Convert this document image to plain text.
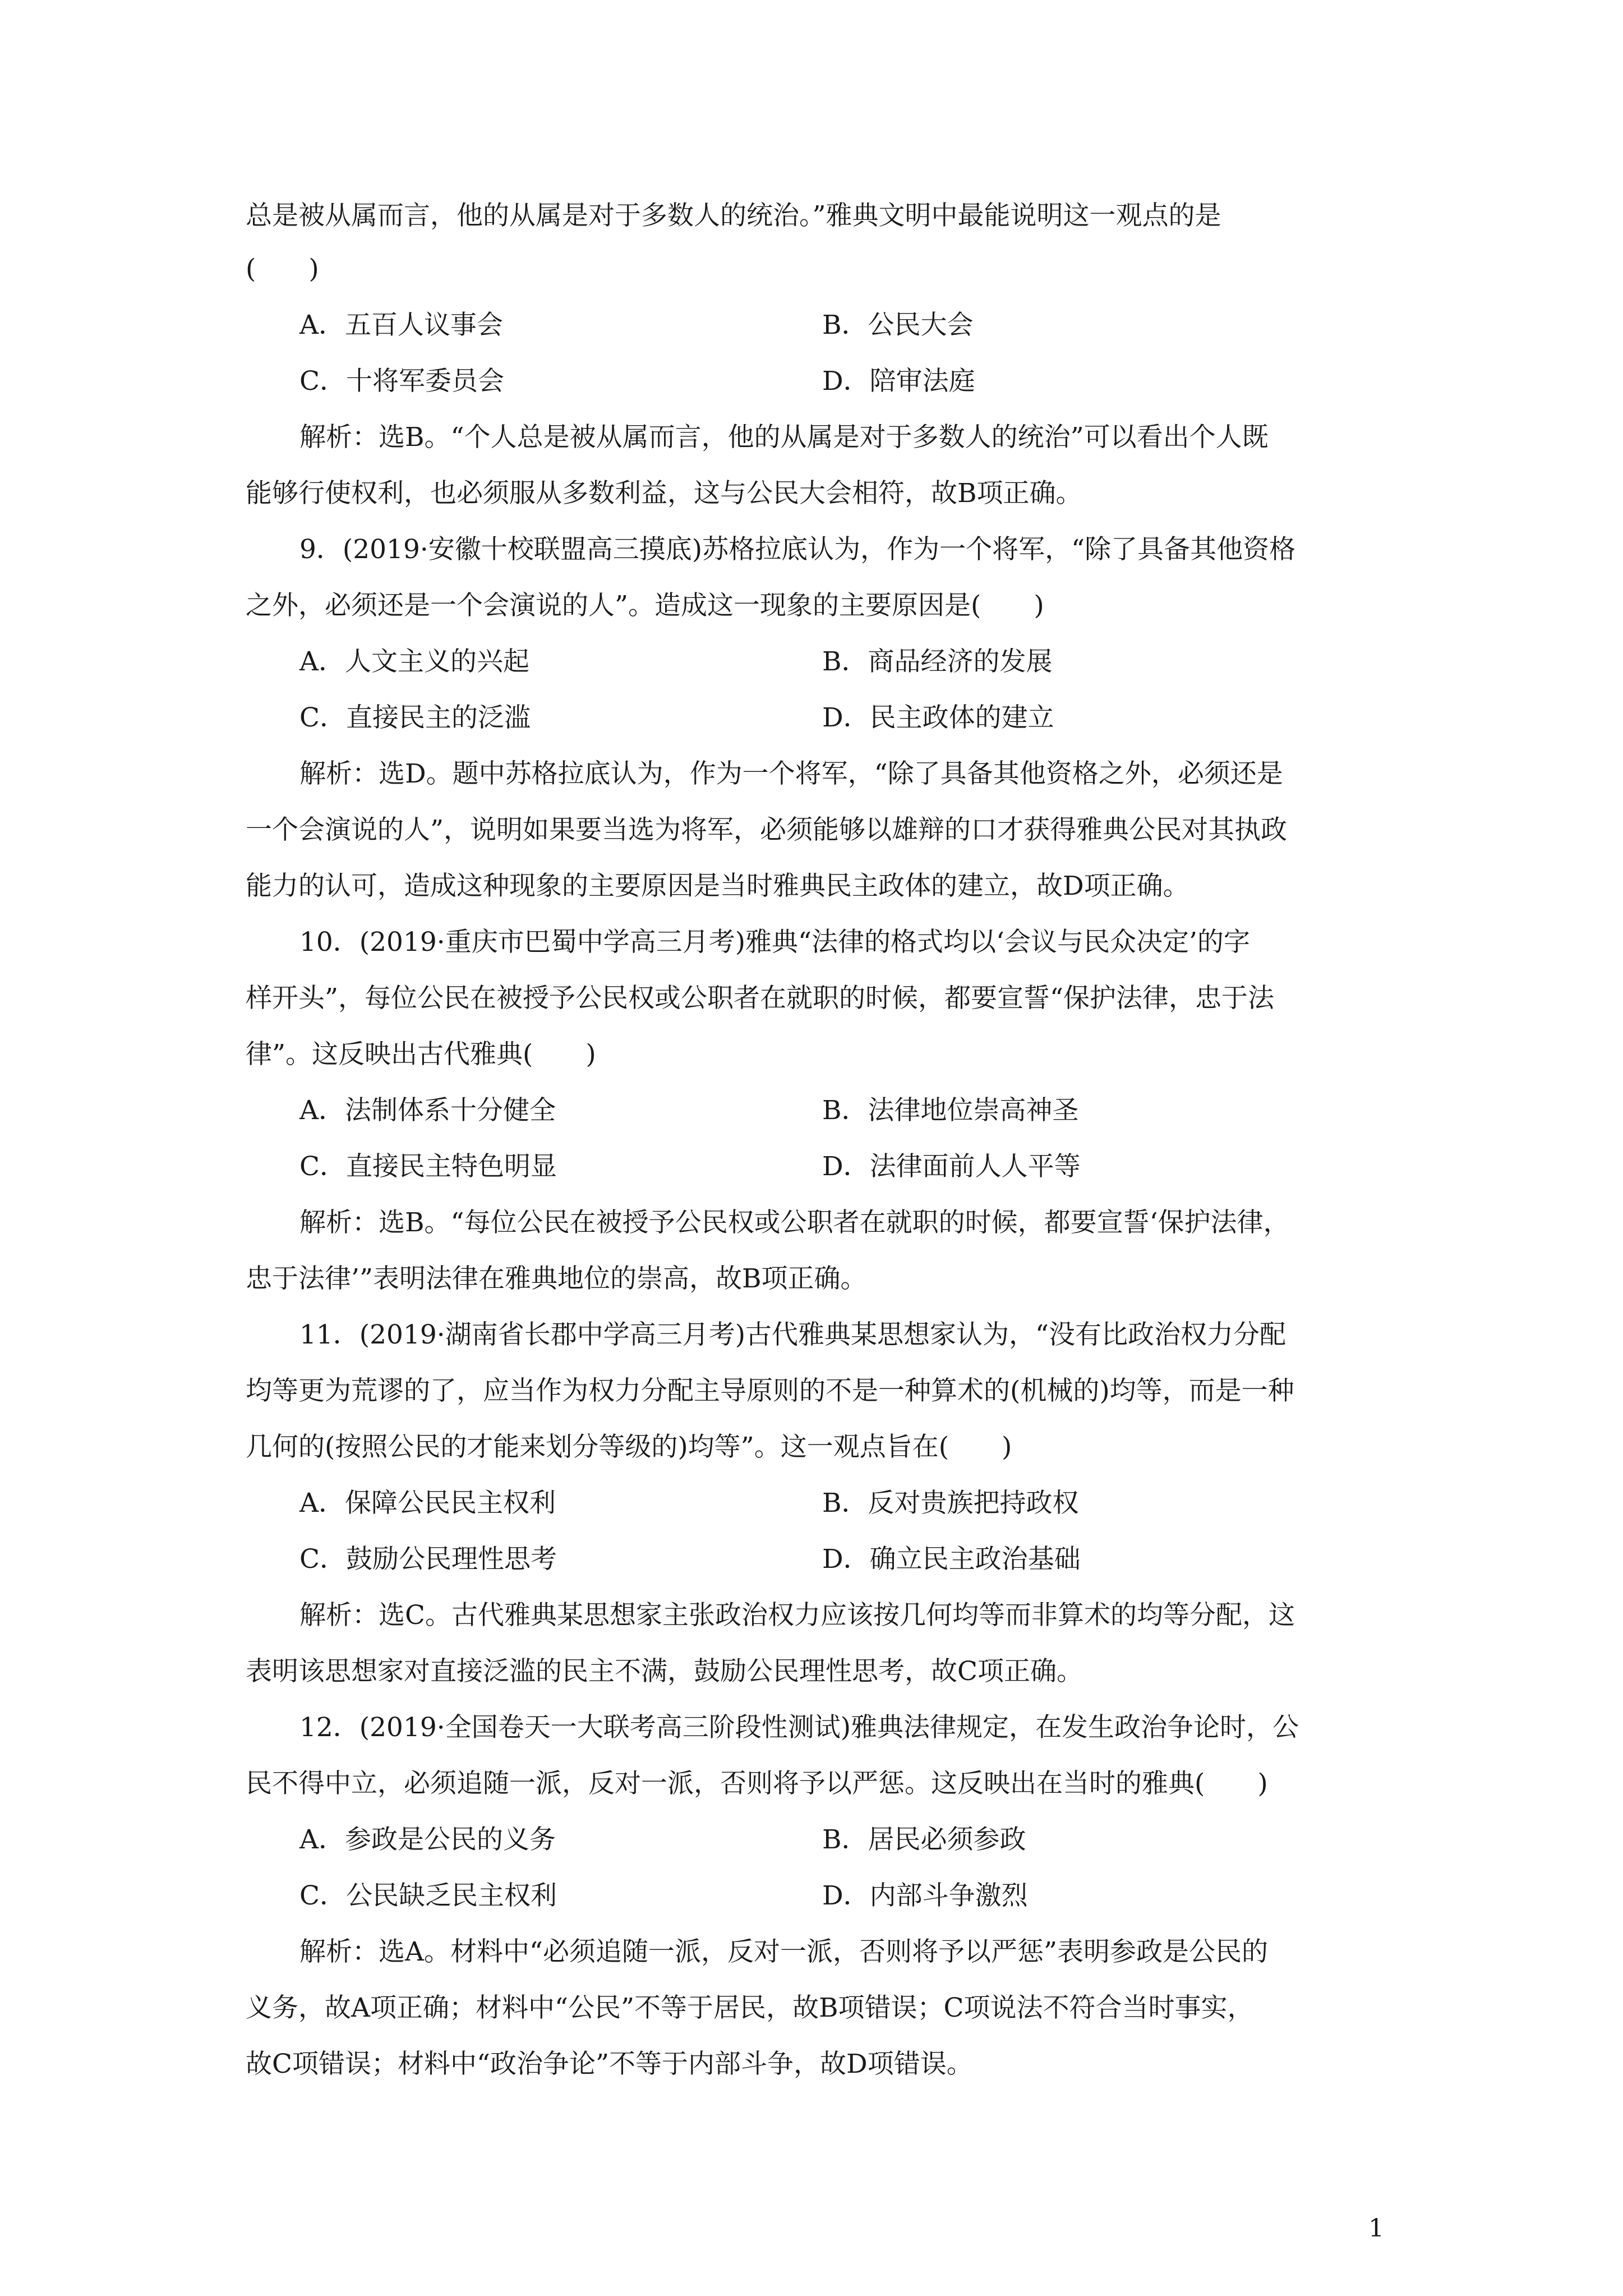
总是被从属而言，他的从属是对于多数人的统治。”雅典文明中最能说明这一观点的是
(　　)
A．五百人议事会	B．公民大会
C．十将军委员会	D．陪审法庭
解析：选B。“个人总是被从属而言，他的从属是对于多数人的统治”可以看出个人既
能够行使权利，也必须服从多数利益，这与公民大会相符，故B项正确。
9．(2019·安徽十校联盟高三摸底)苏格拉底认为，作为一个将军，“除了具备其他资格
之外，必须还是一个会演说的人”。造成这一现象的主要原因是(　　)
A．人文主义的兴起	B．商品经济的发展
C．直接民主的泛滥	D．民主政体的建立
解析：选D。题中苏格拉底认为，作为一个将军，“除了具备其他资格之外，必须还是
一个会演说的人”，说明如果要当选为将军，必须能够以雄辩的口才获得雅典公民对其执政
能力的认可，造成这种现象的主要原因是当时雅典民主政体的建立，故D项正确。
10．(2019·重庆市巴蜀中学高三月考)雅典“法律的格式均以‘会议与民众决定’的字
样开头”，每位公民在被授予公民权或公职者在就职的时候，都要宣誓“保护法律，忠于法
律”。这反映出古代雅典(　　)
A．法制体系十分健全	B．法律地位崇高神圣
C．直接民主特色明显	D．法律面前人人平等
解析：选B。“每位公民在被授予公民权或公职者在就职的时候，都要宣誓‘保护法律，
忠于法律’”表明法律在雅典地位的崇高，故B项正确。
11．(2019·湖南省长郡中学高三月考)古代雅典某思想家认为，“没有比政治权力分配
均等更为荒谬的了，应当作为权力分配主导原则的不是一种算术的(机械的)均等，而是一种
几何的(按照公民的才能来划分等级的)均等”。这一观点旨在(　　)
A．保障公民民主权利	B．反对贵族把持政权
C．鼓励公民理性思考	D．确立民主政治基础
解析：选C。古代雅典某思想家主张政治权力应该按几何均等而非算术的均等分配，这
表明该思想家对直接泛滥的民主不满，鼓励公民理性思考，故C项正确。
12．(2019·全国卷天一大联考高三阶段性测试)雅典法律规定，在发生政治争论时，公
民不得中立，必须追随一派，反对一派，否则将予以严惩。这反映出在当时的雅典(　　)
A．参政是公民的义务	B．居民必须参政
C．公民缺乏民主权利	D．内部斗争激烈
解析：选A。材料中“必须追随一派，反对一派，否则将予以严惩”表明参政是公民的
义务，故A项正确；材料中“公民”不等于居民，故B项错误；C项说法不符合当时事实，
故C项错误；材料中“政治争论”不等于内部斗争，故D项错误。
1
